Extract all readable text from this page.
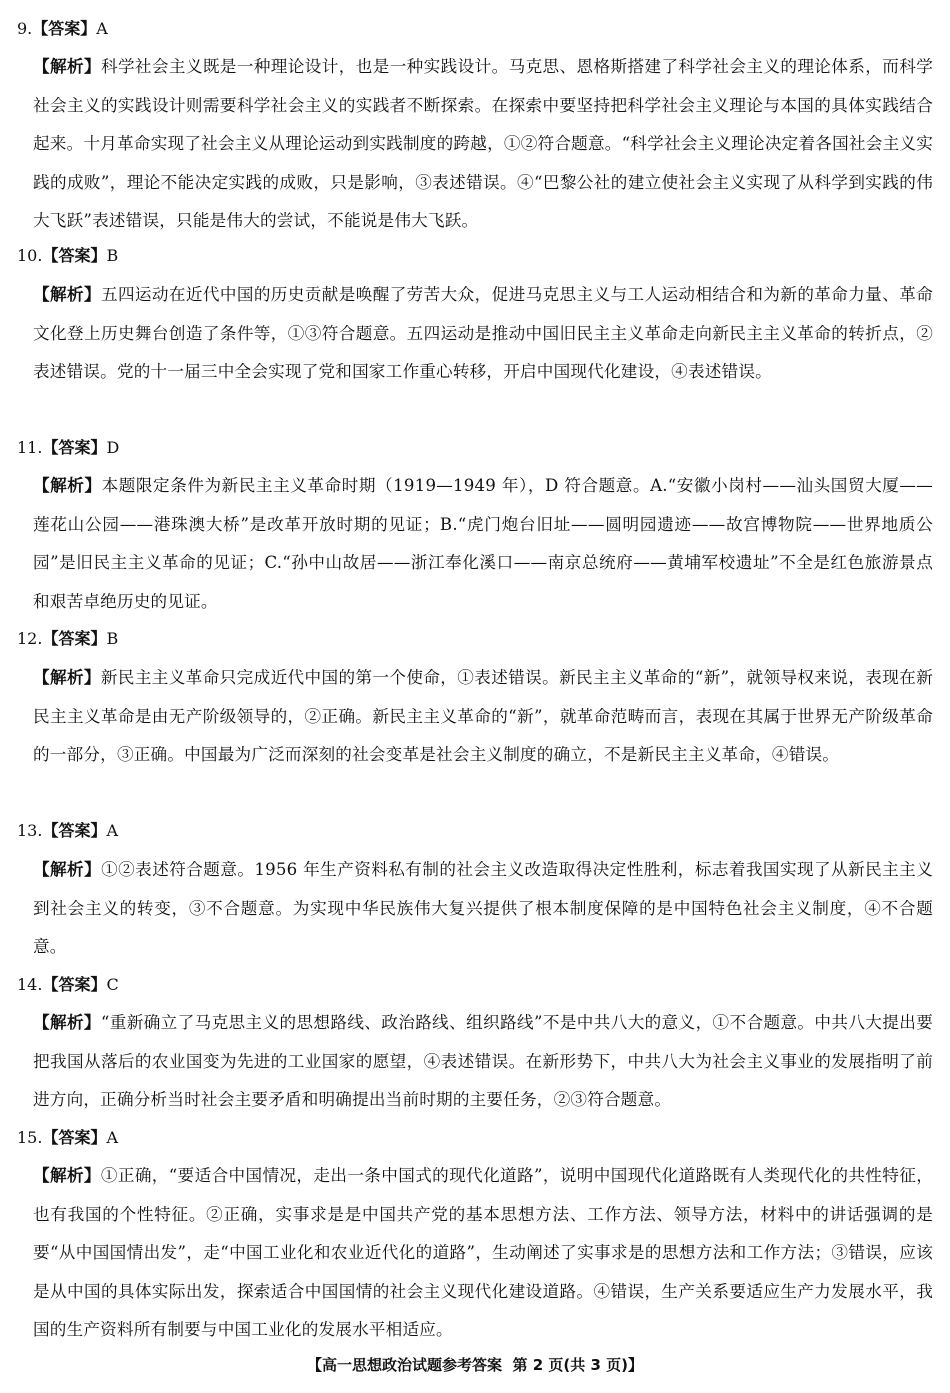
9.【答案】A
【解析】科学社会主义既是一种理论设计，也是一种实践设计。马克思、恩格斯搭建了科学社会主义的理论体系，而科学社会主义的实践设计则需要科学社会主义的实践者不断探索。在探索中要坚持把科学社会主义理论与本国的具体实践结合起来。十月革命实现了社会主义从理论运动到实践制度的跨越，①②符合题意。“科学社会主义理论决定着各国社会主义实践的成败”，理论不能决定实践的成败，只是影响，③表述错误。④“巴黎公社的建立使社会主义实现了从科学到实践的伟大飞跃”表述错误，只能是伟大的尝试，不能说是伟大飞跃。
10.【答案】B
【解析】五四运动在近代中国的历史贡献是唤醒了劳苦大众，促进马克思主义与工人运动相结合和为新的革命力量、革命文化登上历史舞台创造了条件等，①③符合题意。五四运动是推动中国旧民主主义革命走向新民主主义革命的转折点，②表述错误。党的十一届三中全会实现了党和国家工作重心转移，开启中国现代化建设，④表述错误。
11.【答案】D
【解析】本题限定条件为新民主主义革命时期（1919—1949 年），D 符合题意。A.“安徽小岗村——汕头国贸大厦——莲花山公园——港珠澳大桥”是改革开放时期的见证；B.“虎门炮台旧址——圆明园遗迹——故宫博物院——世界地质公园”是旧民主主义革命的见证；C.“孙中山故居——浙江奉化溪口——南京总统府——黄埔军校遗址”不全是红色旅游景点和艰苦卓绝历史的见证。
12.【答案】B
【解析】新民主主义革命只完成近代中国的第一个使命，①表述错误。新民主主义革命的“新”，就领导权来说，表现在新民主主义革命是由无产阶级领导的，②正确。新民主主义革命的“新”，就革命范畴而言，表现在其属于世界无产阶级革命的一部分，③正确。中国最为广泛而深刻的社会变革是社会主义制度的确立，不是新民主主义革命，④错误。
13.【答案】A
【解析】①②表述符合题意。1956 年生产资料私有制的社会主义改造取得决定性胜利，标志着我国实现了从新民主主义到社会主义的转变，③不合题意。为实现中华民族伟大复兴提供了根本制度保障的是中国特色社会主义制度，④不合题意。
14.【答案】C
【解析】“重新确立了马克思主义的思想路线、政治路线、组织路线”不是中共八大的意义，①不合题意。中共八大提出要把我国从落后的农业国变为先进的工业国家的愿望，④表述错误。在新形势下，中共八大为社会主义事业的发展指明了前进方向，正确分析当时社会主要矛盾和明确提出当前时期的主要任务，②③符合题意。
15.【答案】A
【解析】①正确，“要适合中国情况，走出一条中国式的现代化道路”，说明中国现代化道路既有人类现代化的共性特征，也有我国的个性特征。②正确，实事求是是中国共产党的基本思想方法、工作方法、领导方法，材料中的讲话强调的是要“从中国国情出发”，走“中国工业化和农业近代化的道路”，生动阐述了实事求是的思想方法和工作方法；③错误，应该是从中国的具体实际出发，探索适合中国国情的社会主义现代化建设道路。④错误，生产关系要适应生产力发展水平，我国的生产资料所有制要与中国工业化的发展水平相适应。
【高一思想政治试题参考答案 第 2 页(共 3 页)】
